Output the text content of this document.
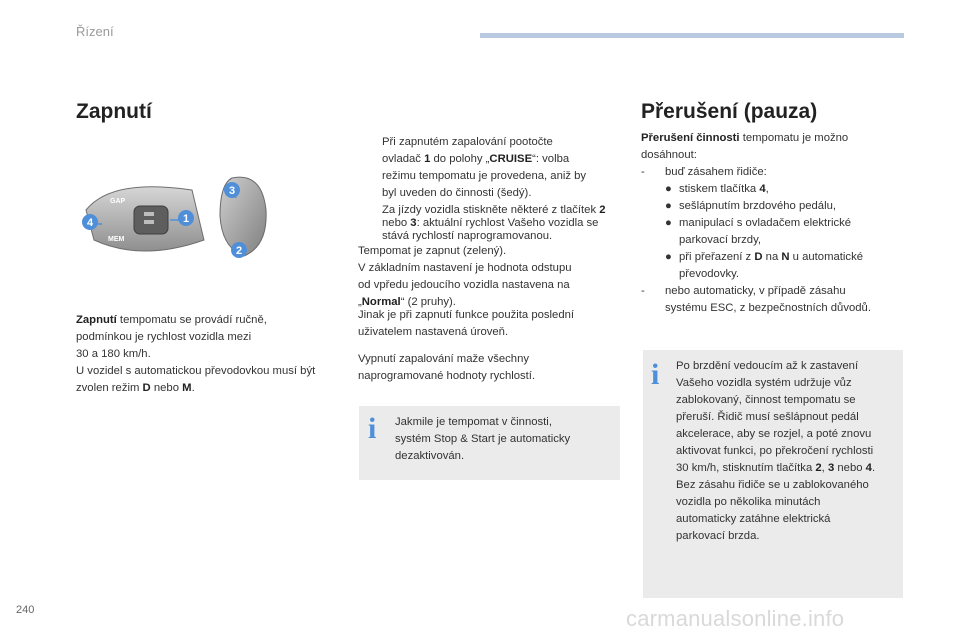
Řízení
Zapnutí
GAP
MEM
1
4
3
2
Zapnutí tempomatu se provádí ručně,
podmínkou je rychlost vozidla mezi
30 a 180 km/h.
U vozidel s automatickou převodovkou musí být
zvolen režim D nebo M.
Při zapnutém zapalování pootočte
ovladač 1 do polohy „CRUISE“: volba
režimu tempomatu je provedena, aniž by
byl uveden do činnosti (šedý).
Za jízdy vozidla stiskněte některé z tlačítek 2
nebo 3: aktuální rychlost Vašeho vozidla se
stává rychlostí naprogramovanou.
Tempomat je zapnut (zelený).
V základním nastavení je hodnota odstupu
od vpředu jedoucího vozidla nastavena na
„Normal“ (2 pruhy).
Jinak je při zapnutí funkce použita poslední
uživatelem nastavená úroveň.
Vypnutí zapalování maže všechny
naprogramované hodnoty rychlostí.
i Jakmile je tempomat v činnosti,
systém Stop & Start je automaticky
dezaktivován.
Přerušení (pauza)
Přerušení činnosti tempomatu je možno
dosáhnout:
-	buď zásahem řidiče:
● stiskem tlačítka 4,
● sešlápnutím brzdového pedálu,
● manipulací s ovladačem elektrické
parkovací brzdy,
● při přeřazení z D na N u automatické
převodovky.
-	nebo automaticky, v případě zásahu
systému ESC, z bezpečnostních důvodů.
i Po brzdění vedoucím až k zastavení
Vašeho vozidla systém udržuje vůz
zablokovaný, činnost tempomatu se
přeruší. Řidič musí sešlápnout pedál
akcelerace, aby se rozjel, a poté znovu
aktivovat funkci, po překročení rychlosti
30 km/h, stisknutím tlačítka 2, 3 nebo 4.
Bez zásahu řidiče se u zablokovaného
vozidla po několika minutách
automaticky zatáhne elektrická
parkovací brzda.
240	carmanualsonline.info
